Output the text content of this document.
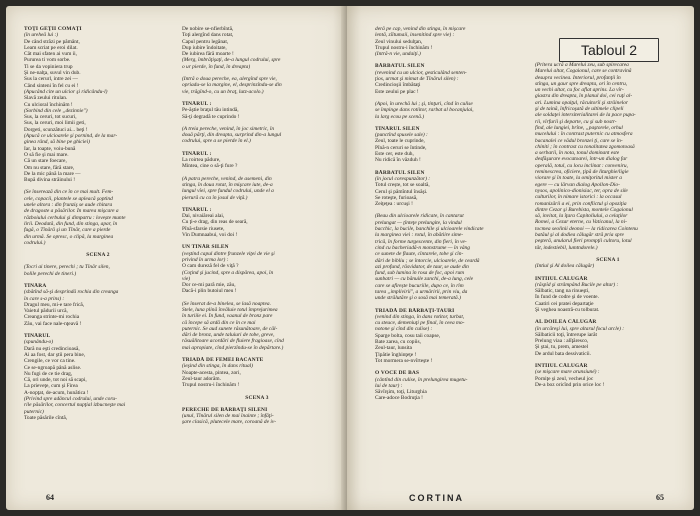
TOŢI GEŢII COMAŢI
(în ureheă lui :)
De când străzi pe pământ,
Leam scriat pe eroi dilat.
Cât mai sfaten ai vum ii,
Pururea ti vom sorbe.
Ti se da vopiniera trup
Şi ne-nalţa, suvul vin dub.
Sus la cerurl, intre zei —
Când sinteni în fel cu ei !
(Apucând cite un ulcior şi ridicându-l)
Slavă zeului ritulan.
Cu ulcioral închinăm !
(Sorbind din cele „dezinnie")
Sus, la ceruri, tot sucuri,
Sus, la ceruri, moi limii geti,
Dorgeti, scunzătuci ai... beţi !
(Apucă ce ulcioarele şi pornind, de la mar-
ginea rând, să bine pe ghiciei)
Iar, la toapte, voiu-bună
O să fie şi mai mare.
Că un stare foecare,
Om nu stare, fără stare,
De la mic până la mare —
Bupă divina străinului !
(Se înserează din ce în ce mai mult. Fem-
cele, copacii, plantele se apleacă şoptind
unele altora : din frunziş se aude chitara
de dragoste a păsărilor. În marea mişcare a
războiului cerbului şi dimpatru : lovește munte
lirii. Deodată, din fund, din stinga, apar, în
fugă, o Tînără şi un Tînăr, care a pierde
din urmă. Se opresc, o clipă, la marginea
codrului.)
SCENA 2
(Tocri ai tinere, perechi ; tu Tînăr silen,
bolile perechi de tineri.)
TÎNĂRA
(sbătînd să-şi desprindă rochia din creanga
în care s-a prins) :
Dragul meu, mi-e tare frică,
Vaietul pădurii urcă,
Creanga strinte-mi rochia
Zău, vai face nale-nţeavă !
TÎNĂRUL
(spunându-o)
Dară nu eşti credincioasă,
Ai aa fost, dar ştii pera bine,
Crengile, ce vor ca tine.
Ce se-ngroapă până aslise.
Nu fugi de ce tie drag,
Că, ori unde, tot noi să scapi,
La prieveţe, cum şi Firea
A-nopţat, de-acum, hunătica !
(Privind spre adâncul codrului, unde coru-
rile păsărilor, concertul nupţial izbucneşte mai
puternic)
Toate păsările cîntă,
De nobire se-nfierbîntă,
Toţi alergînd dans rotat,
Capul pentru legănat,
Dup iubire îndoitate,
De iubirea fără moarte !
(Merg, îmbrăţişaţi, de-a lungul codrului, spre
o ur pierde, în fund, în dreapta)
(Intră o doua pereche, ea, alergînd spre vie,
opriadu-se la margine, el, desprinzîndu-se din
vie, trăgînd-o, cu un braţ, lutz-acolo.)
TÎNĂRUL :
Pe-ăştie braţul tău intindă,
Să-ţi degradă te cuprindo !
(A treia pereche, venind, în joc simetric, în
două părţi, din dreapta, surprind din-a lungul
codrului, spre a se pierde în el.)
TÎNĂRUL :
La roirtea pădure,
Mintea, cine o să-ţi fure ?
(A patra pereche, venind, de asemeni, din
stinga, în doua rotat, în mişcare iute, de-a
lungul vîei, spre fundul codrului, unde el a
pierură cu ca în josul de viţă.)
TÎNĂRUL :
Dai, nivaiăreai alai,
Cu ţi-e drag, din reas de seară,
Pînă-sfarsie riusete,
Vin Dumnaabui, voi doi !
UN TÎNĂR SILEN
(veştind capul dintre frunzele viţei de vie şi
privind în urma lor) :
O cam dureză fel de viţă ?
(Coţind şi jucind, spre a dispărea, apoi, în
vie)
Dor ce-mi pară mie, zău,
Dacă-i plin butoiul meu !
(Se înserat de-a binelea, se lasă noaptea.
Stele, luna plină învăluie totul împrejurimea
în turiile ei. În fund, vaanul de bronz pare
că începe să ardă din ce în ce mai
puternic. Se aud sunete râsunătoare, de căl-
dări de bronz, unde taluiuri de tobe, greve,
răsuălitoare acordări de fluiere fragioase, cînd
mai apropiate, cînd pierzîndu-se în depărtare.)
TRIADĂ DE FEMEI BACANTE
(ieşind din stinga, în dans ritual)
Noapte-acesta, pintea, zori,
Zeul-taur adorăm.
Trupul nostru-i închinăm !
SCENA 3
PERECHE DE BĂRBAŢI SILENI
(unul, Tînărul silen de mai înainte ; înfăţi-
şare clasică, plutecele mare, coroană de iv-
64
deră pe cap, venind din stinga, în mişcare
lentă, zîîtumaii, insenitind spre vie) :
Zeul vinului sedulţan,
Trupul nostru-i închinăm !
(Intră-n vie, undaiţi.)
BĂRBATUL SILEN
(revenind cu un ulcior, gesticulând senten-
ţios, urmat şi mimat de Tînărul silen) :
Credincioşii îmbătaţi
Este zeului pe plac !
(Apoi, în urechă lui ; şi, tinţuri, cînd în culise
se împinge dans rotiitor, rarbat al bocanjulai,
la larg ecou pe scenă.)
TÎNĂRUL SILEN
(punctînd spusele sale) :
Zeul, toate le cuprinde,
Pînă-n ceruri se întinde,
Este cer, este duh,
Nu ridică în văzduh !
BĂRBATUL SILEN
(în jocul corespunzător) :
Totul crește, tot se soaltă,
Cerul şi pămîntul însăşi.
Se roteşte, furioasă,
Zeiţeţea : urcuşi !
(Beau din ulcioarele ridicate, în cantarut
prelungat — ţînteţe prelungite, la vindul
bacchic, la bucile, banchile şi ulcioarele vindicate
la marginea viei : rotul, în abătiire sime-
trică, în forme turgescente, din fieri, în ve-
cind cu bacheriadă-n monstrume — în vâng
ce sunete de flaute, cîntarele, tobe şi cîn-
dări de bibliu ; se întorcie, ulcioarele, de ceardă
azi profund, răsvidator, de taur, se aude din
fund, sub lumina în rosa de foc, apoi rum
sunbatri — cu bănuile zanchi, de-a lung, cele
care se afirește bucuriile, dupo ce, în rîm
tarea „implivirii", a urmăririi, prin viu, da
unde strălutăre şi o sosă mai temerată.)
TRIADĂ DE BĂRBAŢI-TAURI
(venind din stinga, în dans rotitor, turbat,
cu steuce, demeniuţi pe final, în ceea mo-
notone şi cînd din culise) :
Sparge bolta, cosu taii coapse,
Bate zarea, cu copiis,
Zeul-taur, lunsita
Ţipătie înghinţeţe !
Tot mormera se-nvîrteşte !
O VOCE DE BAS
(cântînd din culise, în prelungirea mugetu-
lui de taur) :
Săvîrşim, toţi, Liturghia
Care-adoce Bodruţia !
(Pritera ucră a Marelui zeu, sub spirecarea
Marelui altar, Cogaionul, care se contravină
desupra vecinea. Interiorul, profanţii în
stînga, un gaur spre dreapta, ori în centru,
un vechi altar, cu foc aflat aprins. La vîr-
giastra din dreapta, în planul doi, cei ruţi al-
ari. Lumina opaiţul, răcuitorîi şi străinelor
şi de taină, înfricoşată de ultimele clipeli
ale soldaţei intersiterialitarei de la pace pupa-
rii, vîrfurii şi departe, cu şi sub nostr-
find, ale lungiei, brîne, „paştorele, orhul
mucelului : în contrast puternic cu atmosfera
bacanalei ce vădul bronzei ţi, care se în-
chiniti ; în contrast cu tonalitatea zgomotoasă
a serbarii, în nota, tonul dominant este
desfăşurare evocatoarei, într-un dialog far
operală, totul, cu locu inclinat : conveniru,
reminescrea, oficiere, ţipă de liturghie/ligie
viorare şi în toate, la omiţoritul mister a
egere — cu lărvan dialog Apollon-Dio-
nysos, apolinico-dionisiac, ter, opra de sile
culturilor, în nimare istorici : la occasul
romanizării a ei, prin conflictul şi opoziţia
dintre Cezar şi Burebista, montele Cogaionul
să, invitat, la îţara Capitoliului, a celaţilor
Romei, a Cezar eterne, cu Vaticanul, la ni-
tocmea seolinii deonoi — la ridicarea Cointenu
batăul şi al dodiea călugăr stră pria spre
peşteră, anularul fieri prompţii cultoru, lotul
tăt, indestiebil, lumtndorele.)
SCENA 1
(Intiul şi Al doilea călugăr)
INTÎIUL CĂLUGĂR
(răspîd şi strâmpând Bucile pe altar) :
Sălbatic, tang na rinueşti,
În fund de codre şi de voente.
Caatiri cei pratei departaţie
Şi veghea noastră-cu tolburat.
AL DOILEA CĂLUGĂR
(în urcăreşi lui, spre altarul focul arcle) :
Sălbaticii toţi, întrerupe iarăt
Prelung viaa : alîţăresco,
Şi ştai, tu, prem, amestel
De ardul bata dessivaticii.
INTÎIUL CĂLUGĂR
(se mişcare mare arunsiuné) :
Porniţe şi zeul, vecheul joc
De-a boz oricînd prin orice loc !
Tabloul 2
CORTINA	65
